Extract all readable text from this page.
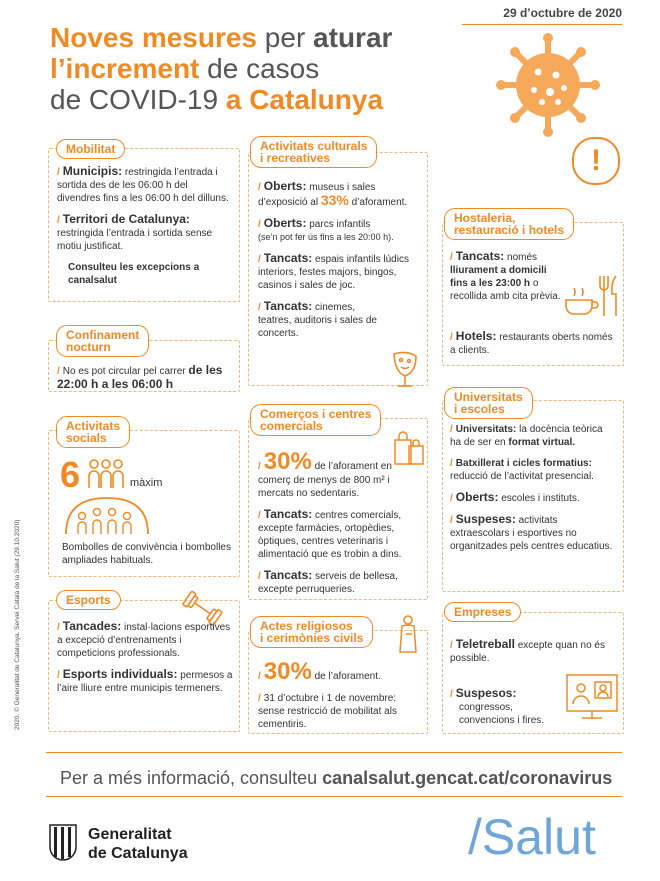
29 d’octubre de 2020
Noves mesures per aturar
l’increment de casos
de COVID-19 a Catalunya
!
Mobilitat
/ Municipis: restringida l’entrada i sortida des de les 06:00 h del divendres fins a les 06:00 h del dilluns.
/ Territori de Catalunya: restringida l’entrada i sortida sense motiu justificat.
Consulteu les excepcions a canalsalut
Confinament
nocturn
/ No es pot circular pel carrer de les 22:00 h a les 06:00 h
Activitats
socials
6	màxim
Bombolles de convivència i bombolles ampliades habituals.
Esports
/ Tancades: instal·lacions esportives a excepció d’entrenaments i competicions professionals.
/ Esports individuals: permesos a l’aire lliure entre municipis termeners.
Activitats culturals
i recreatives
/ Oberts: museus i sales d’exposició al 33% d’aforament.
/ Oberts: parcs infantils
(se’n pot fer ús fins a les 20:00 h).
/ Tancats: espais infantils lúdics interiors, festes majors, bingos, casinos i sales de joc.
/ Tancats: cinemes, teatres, auditoris i sales de concerts.
Comerços i centres
comercials
/ 30% de l’aforament en comerç de menys de 800 m² i mercats no sedentaris.
/ Tancats: centres comercials, excepte farmàcies, ortopèdies, òptiques, centres veterinaris i alimentació que es trobin a dins.
/ Tancats: serveis de bellesa, excepte perruqueries.
Actes religiosos
i cerimònies civils
/ 30% de l’aforament.
/ 31 d’octubre i 1 de novembre: sense restricció de mobilitat als cementiris.
Hostaleria,
restauració i hotels
/ Tancats: només lliurament a domicili fins a les 23:00 h o recollida amb cita prèvia.
/ Hotels: restaurants oberts només a clients.
Universitats
i escoles
/ Universitats: la docència teòrica ha de ser en format virtual.
/ Batxillerat i cicles formatius: reducció de l’activitat presencial.
/ Oberts: escoles i instituts.
/ Suspeses: activitats extraescolars i esportives no organitzades pels centres educatius.
Empreses
/ Teletreball excepte quan no és possible.
/ Suspesos:
congressos, convencions i fires.
Per a més informació, consulteu canalsalut.gencat.cat/coronavirus
2020. © Generalitat de Catalunya. Servei Català de la Salut (29.10.2020)
Generalitat
de Catalunya	/Salut
